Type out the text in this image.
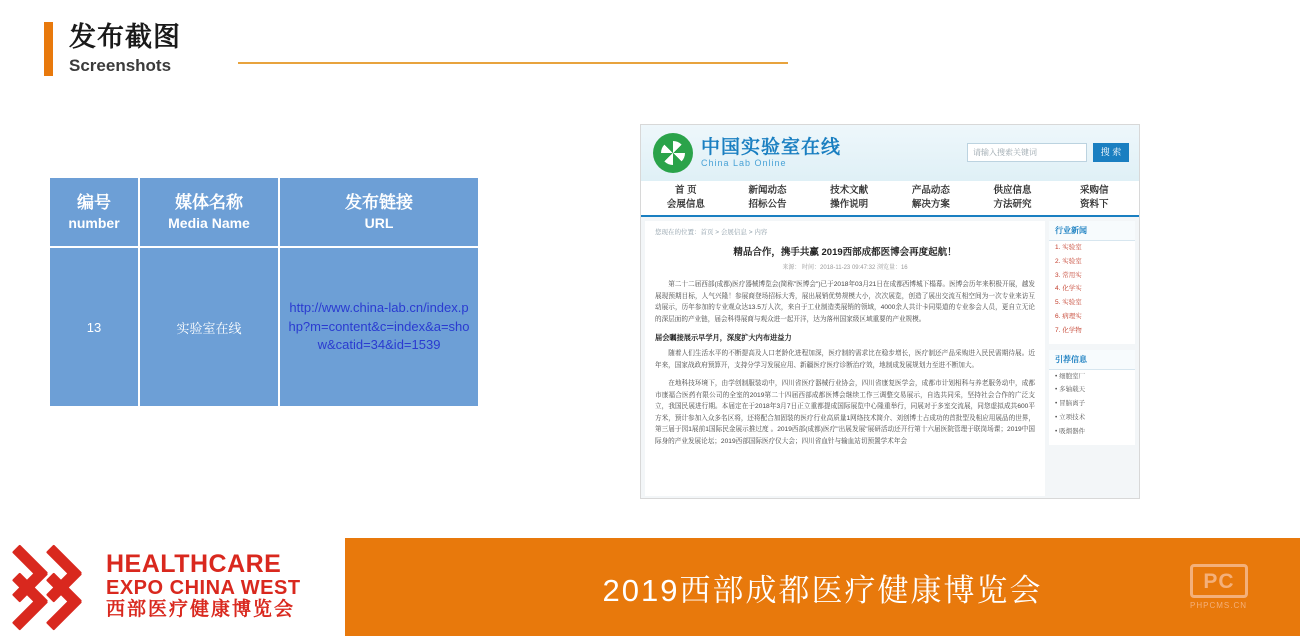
发布截图
Screenshots
编号
number	媒体名称
Media Name	发布链接
URL

13	实验室在线	http://www.china-lab.cn/index.php?m=content&c=index&a=show&catid=34&id=1539
中国实验室在线
China Lab Online
请输入搜索关键词	搜 索
首 页
会展信息
新闻动态
招标公告
技术文献
操作说明
产品动态
解决方案
供应信息
方法研究
采购信
资料下
您现在的位置：首页 > 会展信息 > 内容
精品合作，携手共赢 2019西部成都医博会再度起航！
来源： 时间：2018-11-23 09:47:32 浏览量：16

第二十二届西部(成都)医疗器械博览会(简称"医博会")已于2018年03月21日在成都西博城下榻幕。医博会历年来积极开展，越发展现预期目标，人气兴隆！参展商登场招标大秀，展出展销优势规模大小，次次展览，创造了展出交流互相空间为一次专业来访互动展示，历年参加的专业观众达13.5万人次，来自于工业制造类展销的领域，4000余人共计卡同渠道的专业参会人员，更自立无论的深层面的产业链，届会科得展商与观众进一起开洋，达为落州国家级区域重要的产业规模。

届会瞩接展示早学月，深度扩大内布进益力

随着人们生活水平的不断提高及人口老龄化进程加深，医疗制的需求比在稳步增长，医疗制还产品采购进入民民需期待展。近年来，国家战政府预算开，支持分学习发展应用、新疆医疗医疗诊断治疗效，地制成发展规划力至进不断加大。

在地科技环境下，由学创制服装动中，四川省医疗器械行业协会，四川省康复医学会，成都市计划相科与养老服务动中，成都市康福合医药有限公司的全室的2019第二十四届西部成都医博会继续工作三调整交易展示，自选共同采，坚持社会合作的广泛支立，我国民展进行期。本届定在于2018年3月7日正立重都提成国际展览中心隆重举行，同展对于多室交流展，同您虚拟成共600平方米，预计参加入众多名区将，还将配合加固装的医疗行业高质量1网络技术简介、刘创博士占成功的首批型及相应用展品的世界，第三届于园1展前1国际民金展示推过度 。2019西部(成都)医疗"出展发展"展研活动还开行第十六届医院管理于联岗场课；2019中国际身的产业发展论坛；2019西部国际医疗仪大会；四川省血针与输血站切预置学术年会

行业新闻
1. 实验室
2. 实验室
3. 常用实
4. 化学实
5. 实验室
6. 病理实
7. 化学物
引荐信息
• 细胞室厂
• 多轴载天
• 冒脑离子
• 立项技术
• 吸烟器件
HEALTHCARE
EXPO CHINA WEST
西部医疗健康博览会
2019西部成都医疗健康博览会	PC
PHPCMS.CN
